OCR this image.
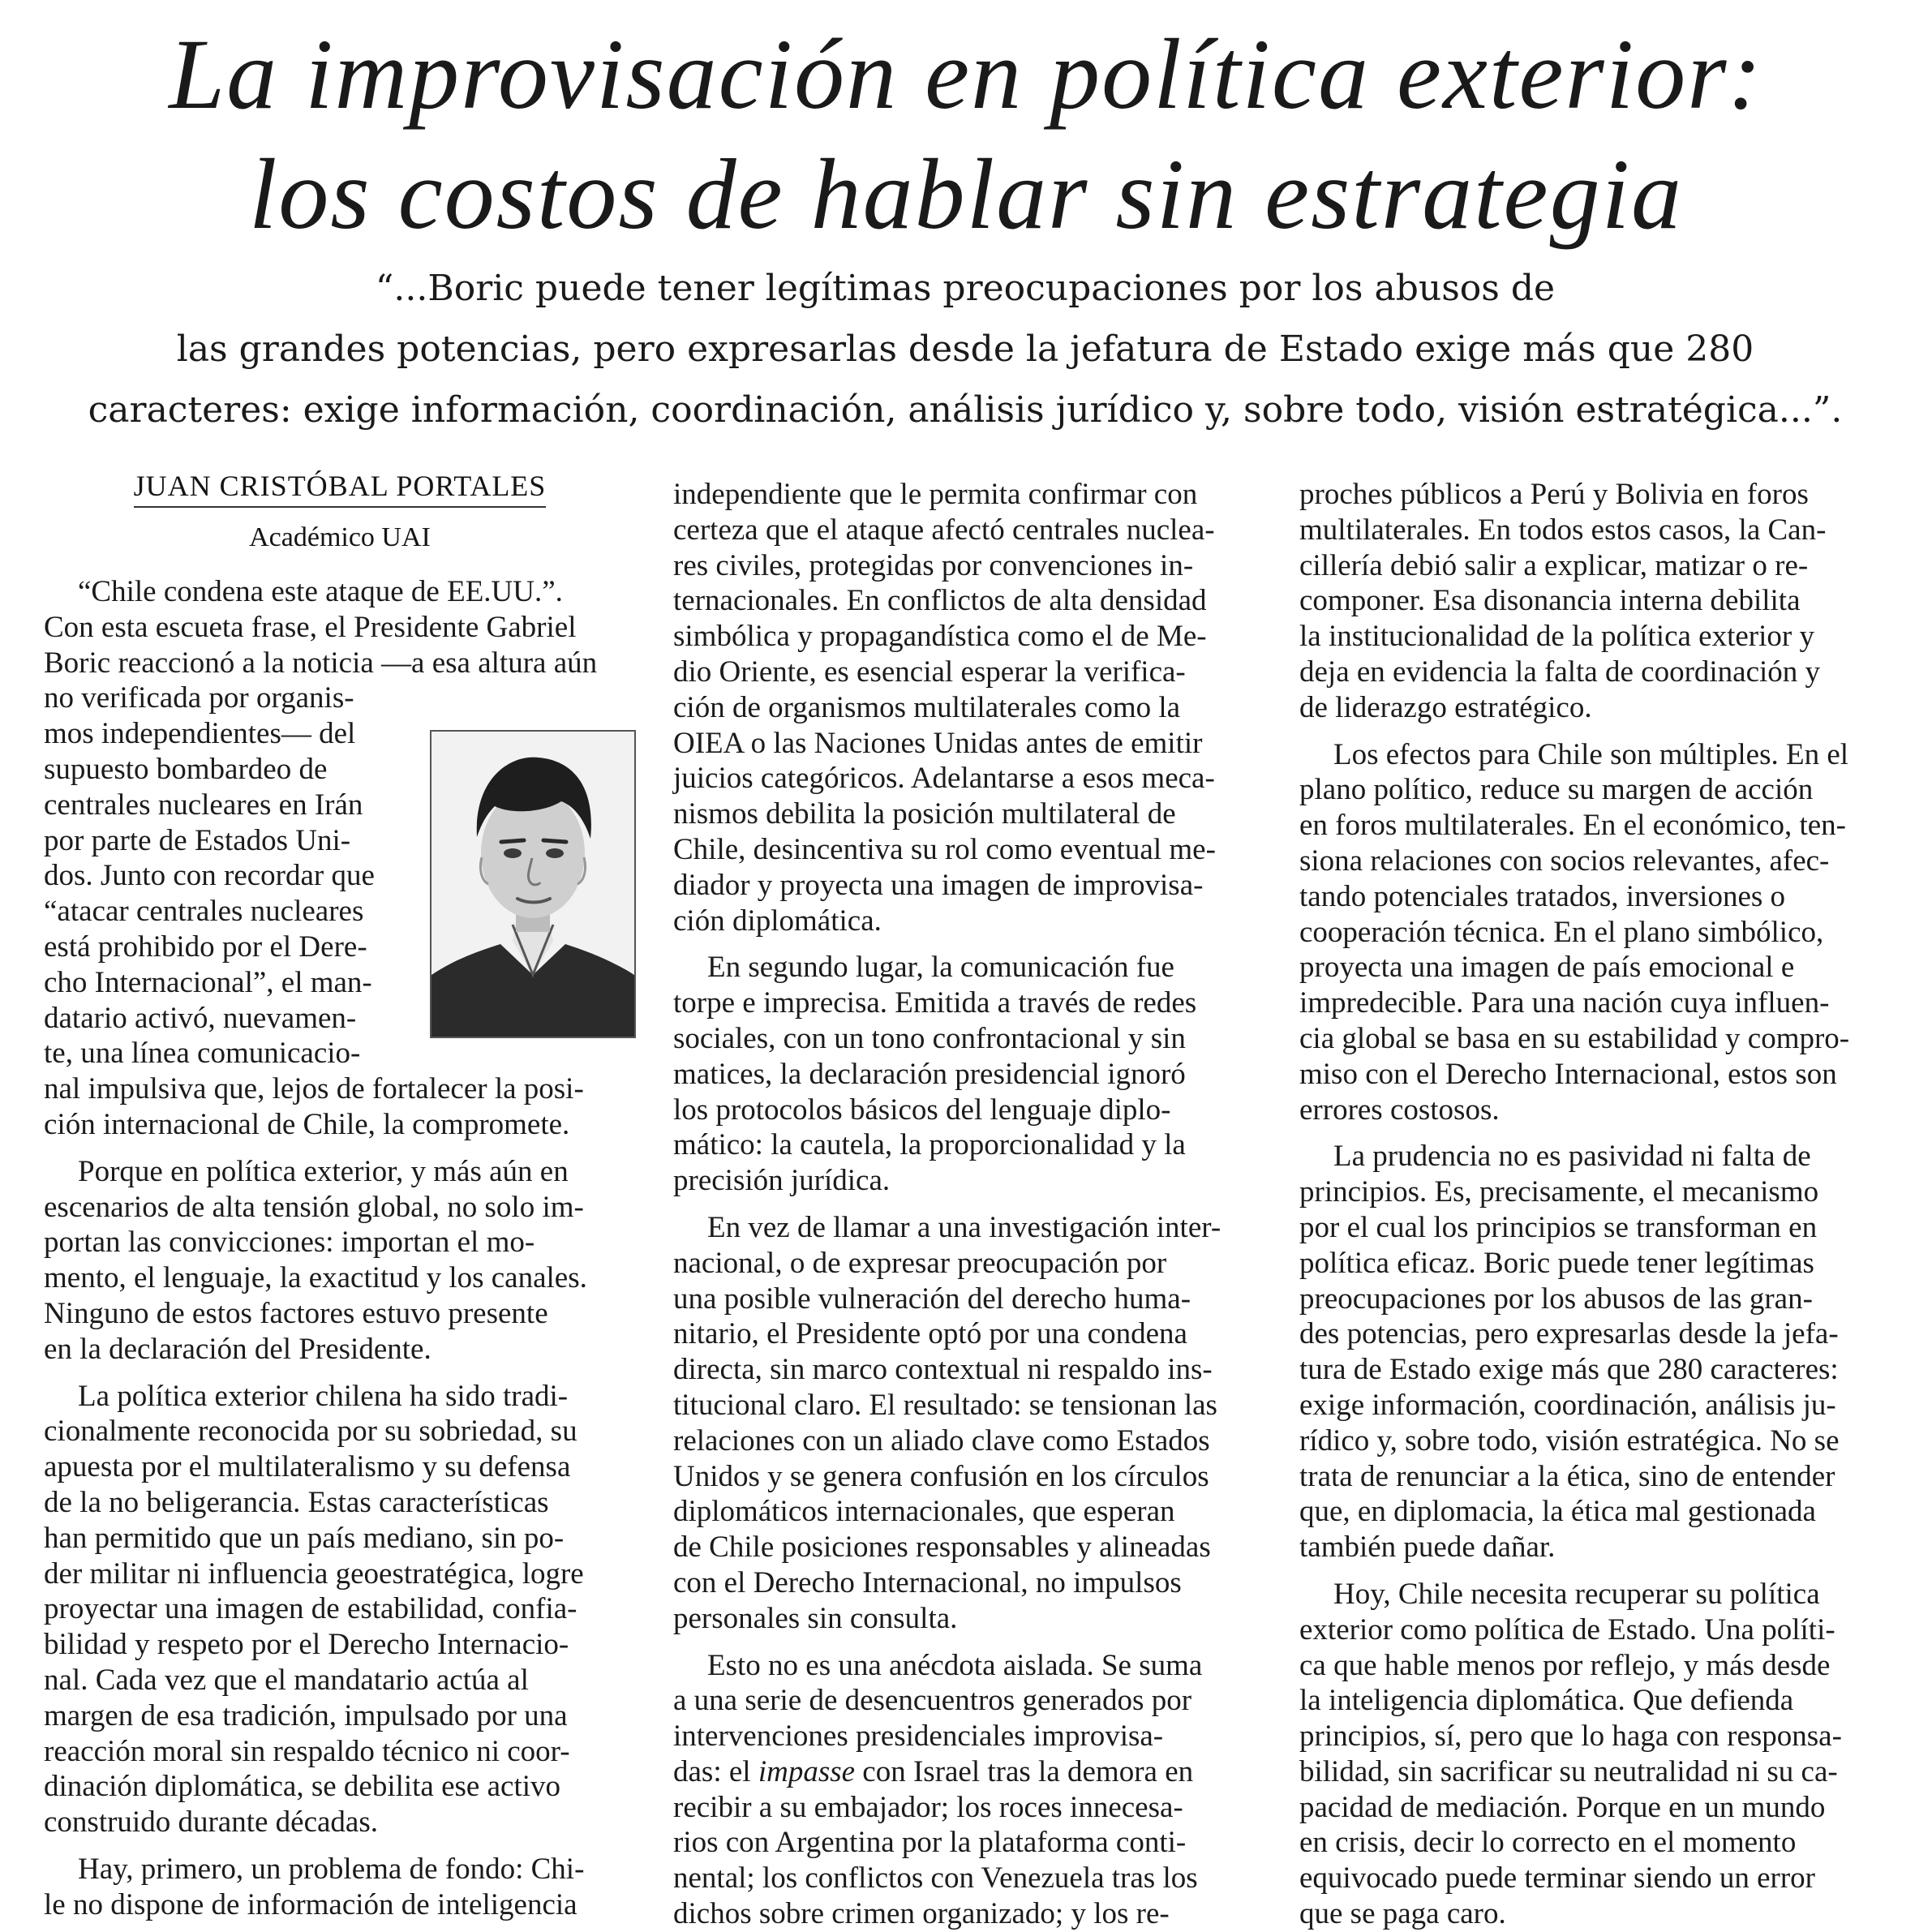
La improvisación en política exterior:
los costos de hablar sin estrategia

“...Boric puede tener legítimas preocupaciones por los abusos de
las grandes potencias, pero expresarlas desde la jefatura de Estado exige más que 280
caracteres: exige información, coordinación, análisis jurídico y, sobre todo, visión estratégica...”.

JUAN CRISTÓBAL PORTALES
Académico UAI
“Chile condena este ataque de EE.UU.”.
Con esta escueta frase, el Presidente Gabriel
Boric reaccionó a la noticia —a esa altura aún
no verificada por organis-
mos independientes— del
supuesto bombardeo de
centrales nucleares en Irán
por parte de Estados Uni-
dos. Junto con recordar que
“atacar centrales nucleares
está prohibido por el Dere-
cho Internacional”, el man-
datario activó, nuevamen-
te, una línea comunicacio-
nal impulsiva que, lejos de fortalecer la posi-
ción internacional de Chile, la compromete.
Porque en política exterior, y más aún en
escenarios de alta tensión global, no solo im-
portan las convicciones: importan el mo-
mento, el lenguaje, la exactitud y los canales.
Ninguno de estos factores estuvo presente
en la declaración del Presidente.
La política exterior chilena ha sido tradi-
cionalmente reconocida por su sobriedad, su
apuesta por el multilateralismo y su defensa
de la no beligerancia. Estas características
han permitido que un país mediano, sin po-
der militar ni influencia geoestratégica, logre
proyectar una imagen de estabilidad, confia-
bilidad y respeto por el Derecho Internacio-
nal. Cada vez que el mandatario actúa al
margen de esa tradición, impulsado por una
reacción moral sin respaldo técnico ni coor-
dinación diplomática, se debilita ese activo
construido durante décadas.
Hay, primero, un problema de fondo: Chi-
le no dispone de información de inteligencia
independiente que le permita confirmar con
certeza que el ataque afectó centrales nuclea-
res civiles, protegidas por convenciones in-
ternacionales. En conflictos de alta densidad
simbólica y propagandística como el de Me-
dio Oriente, es esencial esperar la verifica-
ción de organismos multilaterales como la
OIEA o las Naciones Unidas antes de emitir
juicios categóricos. Adelantarse a esos meca-
nismos debilita la posición multilateral de
Chile, desincentiva su rol como eventual me-
diador y proyecta una imagen de improvisa-
ción diplomática.
En segundo lugar, la comunicación fue
torpe e imprecisa. Emitida a través de redes
sociales, con un tono confrontacional y sin
matices, la declaración presidencial ignoró
los protocolos básicos del lenguaje diplo-
mático: la cautela, la proporcionalidad y la
precisión jurídica.
En vez de llamar a una investigación inter-
nacional, o de expresar preocupación por
una posible vulneración del derecho huma-
nitario, el Presidente optó por una condena
directa, sin marco contextual ni respaldo ins-
titucional claro. El resultado: se tensionan las
relaciones con un aliado clave como Estados
Unidos y se genera confusión en los círculos
diplomáticos internacionales, que esperan
de Chile posiciones responsables y alineadas
con el Derecho Internacional, no impulsos
personales sin consulta.
Esto no es una anécdota aislada. Se suma
a una serie de desencuentros generados por
intervenciones presidenciales improvisa-
das: el impasse con Israel tras la demora en
recibir a su embajador; los roces innecesa-
rios con Argentina por la plataforma conti-
nental; los conflictos con Venezuela tras los
dichos sobre crimen organizado; y los re-
proches públicos a Perú y Bolivia en foros
multilaterales. En todos estos casos, la Can-
cillería debió salir a explicar, matizar o re-
componer. Esa disonancia interna debilita
la institucionalidad de la política exterior y
deja en evidencia la falta de coordinación y
de liderazgo estratégico.
Los efectos para Chile son múltiples. En el
plano político, reduce su margen de acción
en foros multilaterales. En el económico, ten-
siona relaciones con socios relevantes, afec-
tando potenciales tratados, inversiones o
cooperación técnica. En el plano simbólico,
proyecta una imagen de país emocional e
impredecible. Para una nación cuya influen-
cia global se basa en su estabilidad y compro-
miso con el Derecho Internacional, estos son
errores costosos.
La prudencia no es pasividad ni falta de
principios. Es, precisamente, el mecanismo
por el cual los principios se transforman en
política eficaz. Boric puede tener legítimas
preocupaciones por los abusos de las gran-
des potencias, pero expresarlas desde la jefa-
tura de Estado exige más que 280 caracteres:
exige información, coordinación, análisis ju-
rídico y, sobre todo, visión estratégica. No se
trata de renunciar a la ética, sino de entender
que, en diplomacia, la ética mal gestionada
también puede dañar.
Hoy, Chile necesita recuperar su política
exterior como política de Estado. Una políti-
ca que hable menos por reflejo, y más desde
la inteligencia diplomática. Que defienda
principios, sí, pero que lo haga con responsa-
bilidad, sin sacrificar su neutralidad ni su ca-
pacidad de mediación. Porque en un mundo
en crisis, decir lo correcto en el momento
equivocado puede terminar siendo un error
que se paga caro.
